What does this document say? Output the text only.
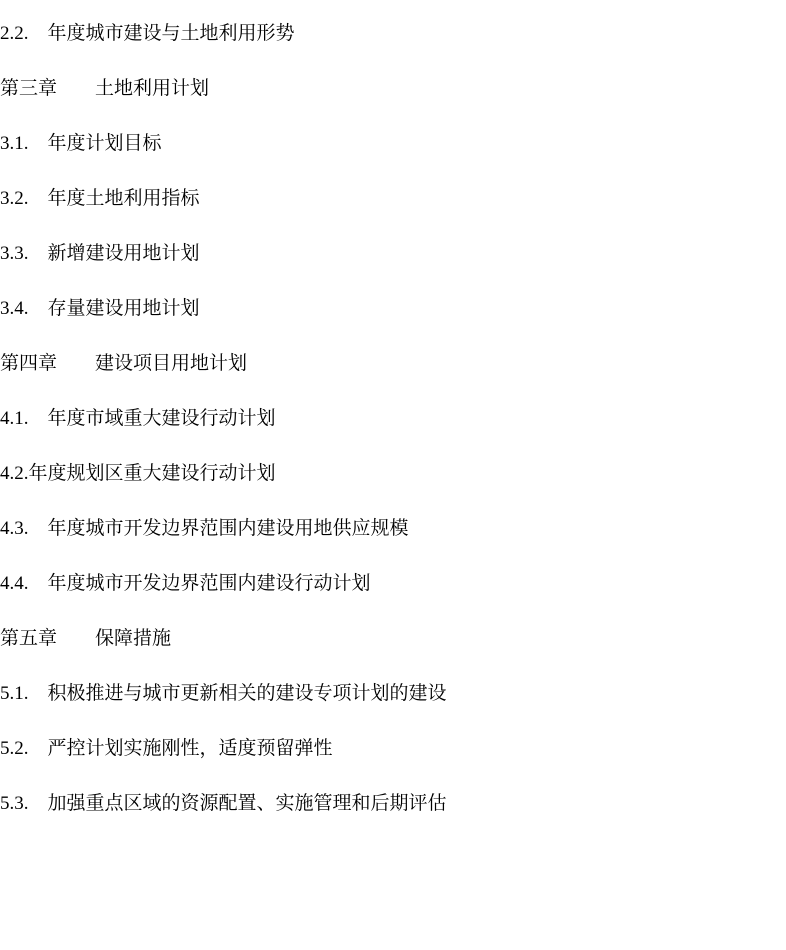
2.2.　年度城市建设与土地利用形势
第三章　　土地利用计划
3.1.　年度计划目标
3.2.　年度土地利用指标
3.3.　新增建设用地计划
3.4.　存量建设用地计划
第四章　　建设项目用地计划
4.1.　年度市域重大建设行动计划
4.2.年度规划区重大建设行动计划
4.3.　年度城市开发边界范围内建设用地供应规模
4.4.　年度城市开发边界范围内建设行动计划
第五章　　保障措施
5.1.　积极推进与城市更新相关的建设专项计划的建设
5.2.　严控计划实施刚性，适度预留弹性
5.3.　加强重点区域的资源配置、实施管理和后期评估
